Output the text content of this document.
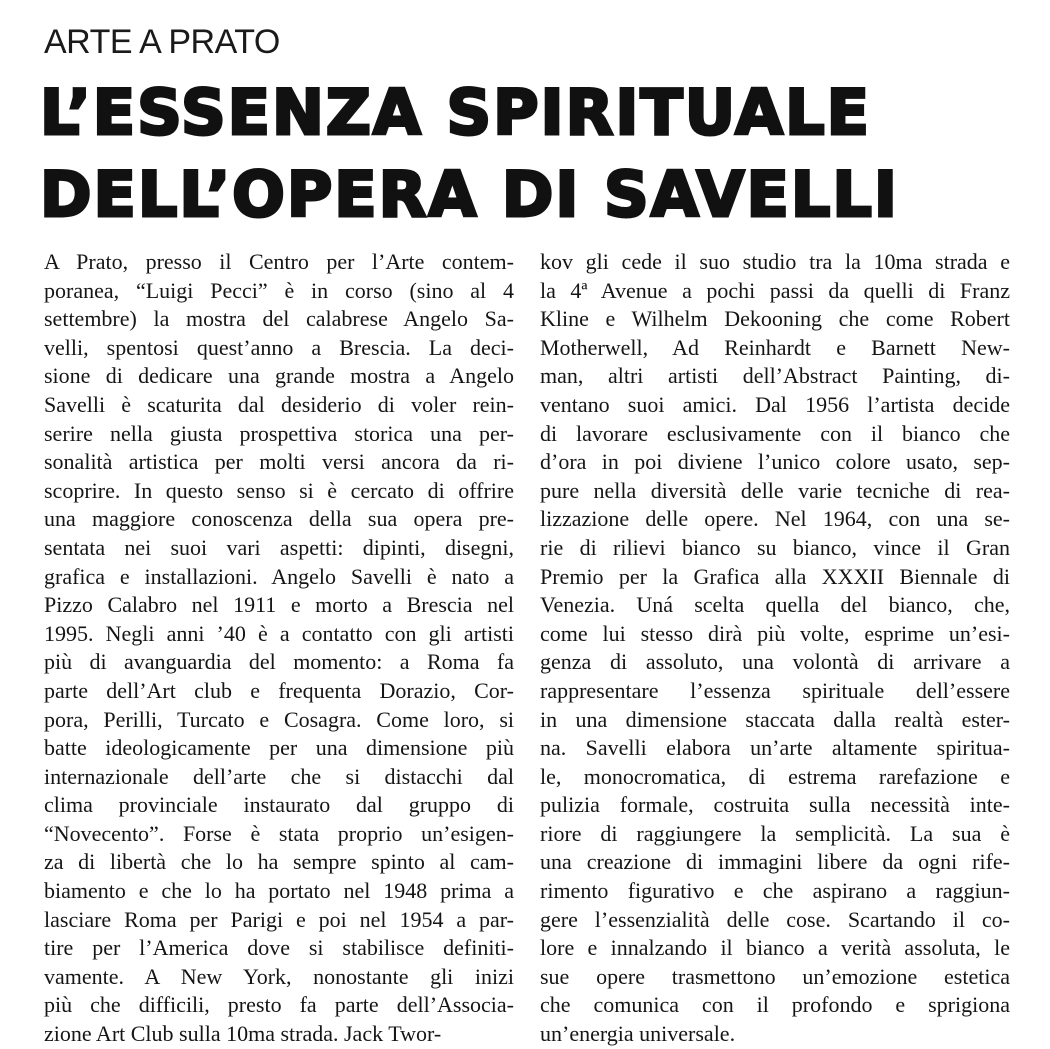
ARTE A PRATO
L’ESSENZA SPIRITUALE
DELL’OPERA DI SAVELLI
A Prato, presso il Centro per l’Arte contem-
poranea, “Luigi Pecci” è in corso (sino al 4
settembre) la mostra del calabrese Angelo Sa-
velli, spentosi quest’anno a Brescia. La deci-
sione di dedicare una grande mostra a Angelo
Savelli è scaturita dal desiderio di voler rein-
serire nella giusta prospettiva storica una per-
sonalità artistica per molti versi ancora da ri-
scoprire. In questo senso si è cercato di offrire
una maggiore conoscenza della sua opera pre-
sentata nei suoi vari aspetti: dipinti, disegni,
grafica e installazioni. Angelo Savelli è nato a
Pizzo Calabro nel 1911 e morto a Brescia nel
1995. Negli anni ’40 è a contatto con gli artisti
più di avanguardia del momento: a Roma fa
parte dell’Art club e frequenta Dorazio, Cor-
pora, Perilli, Turcato e Cosagra. Come loro, si
batte ideologicamente per una dimensione più
internazionale dell’arte che si distacchi dal
clima provinciale instaurato dal gruppo di
“Novecento”. Forse è stata proprio un’esigen-
za di libertà che lo ha sempre spinto al cam-
biamento e che lo ha portato nel 1948 prima a
lasciare Roma per Parigi e poi nel 1954 a par-
tire per l’America dove si stabilisce definiti-
vamente. A New York, nonostante gli inizi
più che difficili, presto fa parte dell’Associa-
zione Art Club sulla 10ma strada. Jack Twor-
kov gli cede il suo studio tra la 10ma strada e
la 4ª Avenue a pochi passi da quelli di Franz
Kline e Wilhelm Dekooning che come Robert
Motherwell, Ad Reinhardt e Barnett New-
man, altri artisti dell’Abstract Painting, di-
ventano suoi amici. Dal 1956 l’artista decide
di lavorare esclusivamente con il bianco che
d’ora in poi diviene l’unico colore usato, sep-
pure nella diversità delle varie tecniche di rea-
lizzazione delle opere. Nel 1964, con una se-
rie di rilievi bianco su bianco, vince il Gran
Premio per la Grafica alla XXXII Biennale di
Venezia. Uná scelta quella del bianco, che,
come lui stesso dirà più volte, esprime un’esi-
genza di assoluto, una volontà di arrivare a
rappresentare l’essenza spirituale dell’essere
in una dimensione staccata dalla realtà ester-
na. Savelli elabora un’arte altamente spiritua-
le, monocromatica, di estrema rarefazione e
pulizia formale, costruita sulla necessità inte-
riore di raggiungere la semplicità. La sua è
una creazione di immagini libere da ogni rife-
rimento figurativo e che aspirano a raggiun-
gere l’essenzialità delle cose. Scartando il co-
lore e innalzando il bianco a verità assoluta, le
sue opere trasmettono un’emozione estetica
che comunica con il profondo e sprigiona
un’energia universale.
